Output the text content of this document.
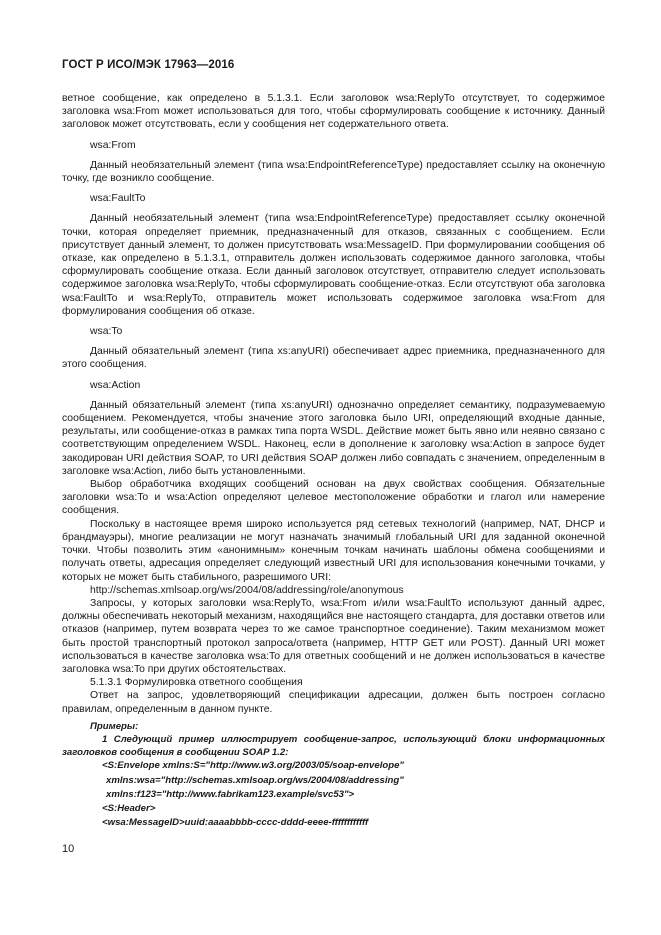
ГОСТ Р ИСО/МЭК 17963—2016

ветное сообщение, как определено в 5.1.3.1. Если заголовок wsa:ReplyTo отсутствует, то содержимое заголовка wsa:From может использоваться для того, чтобы сформулировать сообщение к источнику. Данный заголовок может отсутствовать, если у сообщения нет содержательного ответа.

wsa:From

Данный необязательный элемент (типа wsa:EndpointReferenceType) предоставляет ссылку на оконечную точку, где возникло сообщение.

wsa:FaultTo

Данный необязательный элемент (типа wsa:EndpointReferenceType) предоставляет ссылку оконечной точки, которая определяет приемник, предназначенный для отказов, связанных с сообщением. Если присутствует данный элемент, то должен присутствовать wsa:MessageID. При формулировании сообщения об отказе, как определено в 5.1.3.1, отправитель должен использовать содержимое данного заголовка, чтобы сформулировать сообщение отказа. Если данный заголовок отсутствует, отправителю следует использовать содержимое заголовка wsa:ReplyTo, чтобы сформулировать сообщение-отказ. Если отсутствуют оба заголовка wsa:FaultTo и wsa:ReplyTo, отправитель может использовать содержимое заголовка wsa:From для формулирования сообщения об отказе.

wsa:To

Данный обязательный элемент (типа xs:anyURI) обеспечивает адрес приемника, предназначенного для этого сообщения.

wsa:Action

Данный обязательный элемент (типа xs:anyURI) однозначно определяет семантику, подразумеваемую сообщением. Рекомендуется, чтобы значение этого заголовка было URI, определяющий входные данные, результаты, или сообщение-отказ в рамках типа порта WSDL. Действие может быть явно или неявно связано с соответствующим определением WSDL. Наконец, если в дополнение к заголовку wsa:Action в запросе будет закодирован URI действия SOAP, то URI действия SOAP должен либо совпадать с значением, определенным в заголовке wsa:Action, либо быть установленными.

Выбор обработчика входящих сообщений основан на двух свойствах сообщения. Обязательные заголовки wsa:To и wsa:Action определяют целевое местоположение обработки и глагол или намерение сообщения.

Поскольку в настоящее время широко используется ряд сетевых технологий (например, NAT, DHCP и брандмауэры), многие реализации не могут назначать значимый глобальный URI для заданной оконечной точки. Чтобы позволить этим «анонимным» конечным точкам начинать шаблоны обмена сообщениями и получать ответы, адресация определяет следующий известный URI для использования конечными точками, у которых не может быть стабильного, разрешимого URI:

http://schemas.xmlsoap.org/ws/2004/08/addressing/role/anonymous

Запросы, у которых заголовки wsa:ReplyTo, wsa:From и/или wsa:FaultTo используют данный адрес, должны обеспечивать некоторый механизм, находящийся вне настоящего стандарта, для доставки ответов или отказов (например, путем возврата через то же самое транспортное соединение). Таким механизмом может быть простой транспортный протокол запроса/ответа (например, HTTP GET или POST). Данный URI может использоваться в качестве заголовка wsa:To для ответных сообщений и не должен использоваться в качестве заголовка wsa:To при других обстоятельствах.

5.1.3.1 Формулировка ответного сообщения

Ответ на запрос, удовлетворяющий спецификации адресации, должен быть построен согласно правилам, определенным в данном пункте.

Примеры:

1 Следующий пример иллюстрирует сообщение-запрос, использующий блоки информационных заголовков сообщения в сообщении SOAP 1.2:

<S:Envelope xmlns:S="http://www.w3.org/2003/05/soap-envelope"

xmlns:wsa="http://schemas.xmlsoap.org/ws/2004/08/addressing"

xmlns:f123="http://www.fabrikam123.example/svc53">

<S:Header>

<wsa:MessageID>uuid:aaaabbbb-cccc-dddd-eeee-ffffffffffff

10
